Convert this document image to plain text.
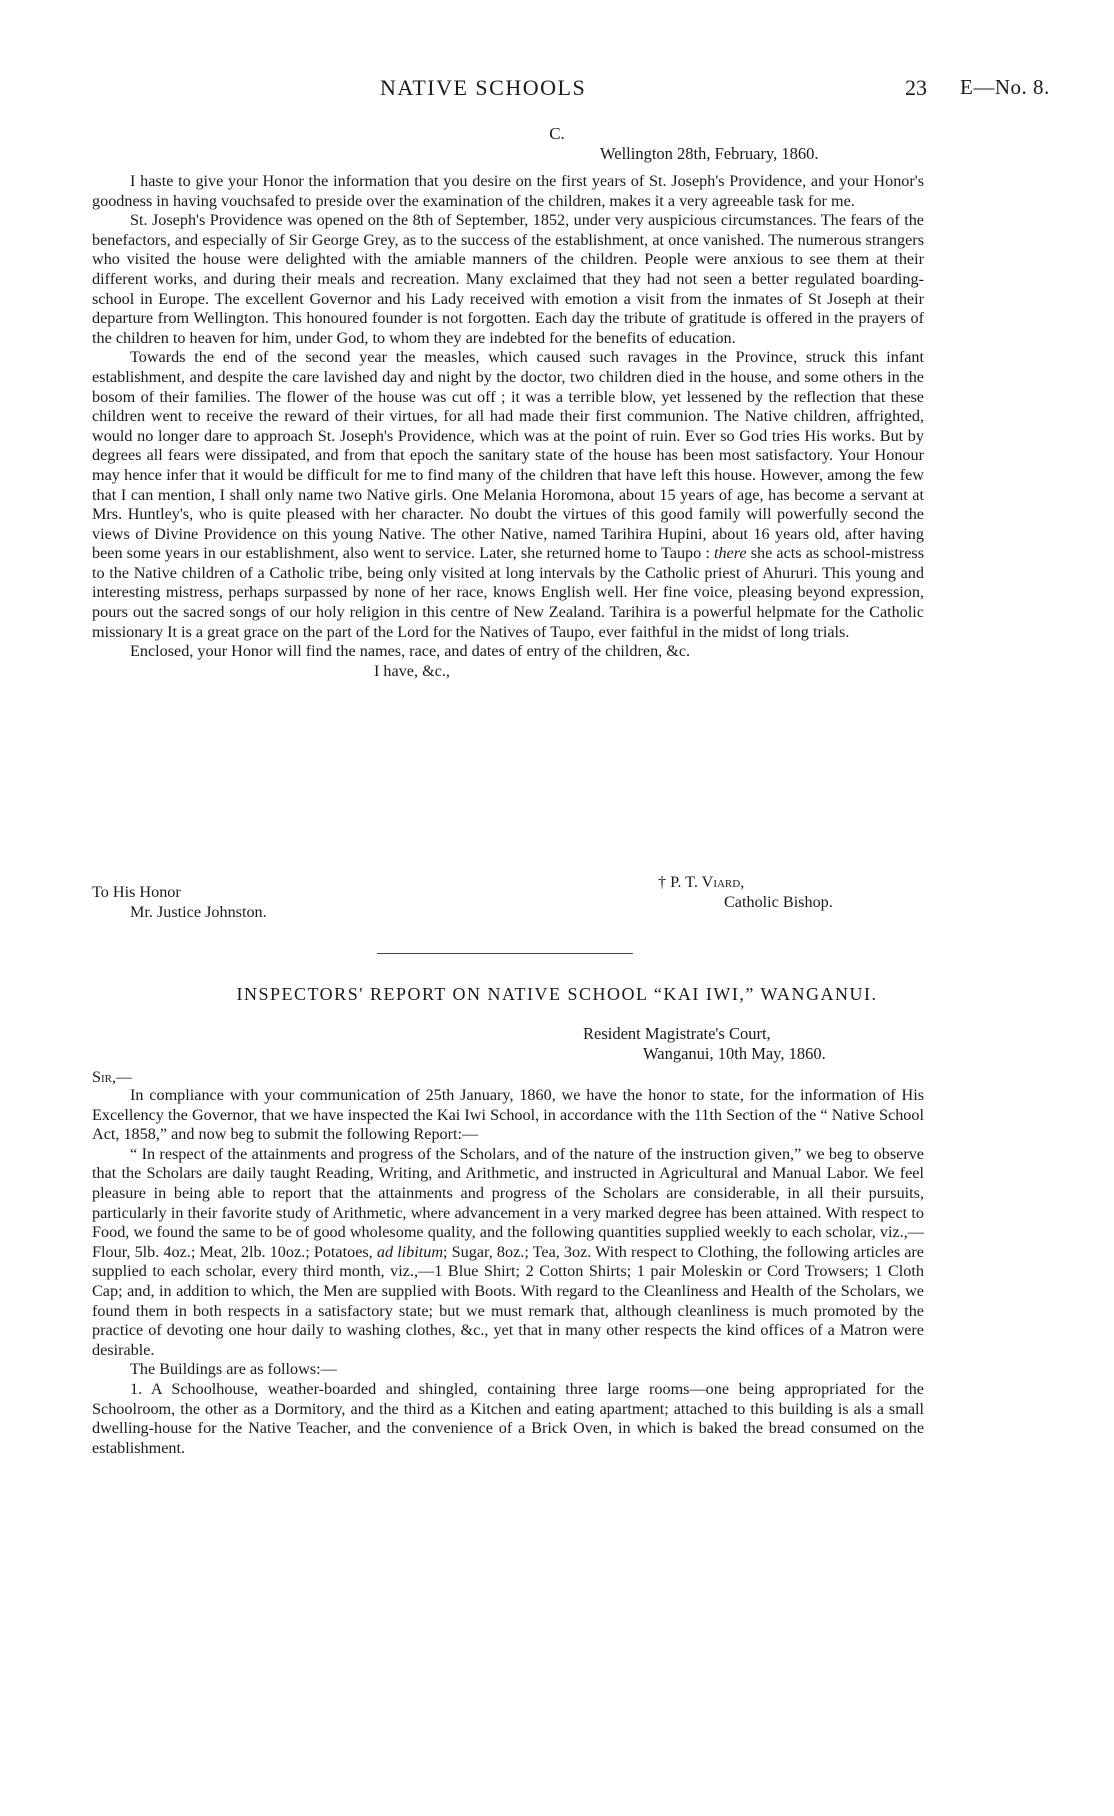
NATIVE SCHOOLS	23 E—No. 8.
C.
Wellington 28th, February, 1860.

I haste to give your Honor the information that you desire on the first years of St. Joseph's Providence, and your Honor's goodness in having vouchsafed to preside over the examination of the children, makes it a very agreeable task for me.

St. Joseph's Providence was opened on the 8th of September, 1852, under very auspicious circumstances. The fears of the benefactors, and especially of Sir George Grey, as to the success of the establishment, at once vanished. The numerous strangers who visited the house were delighted with the amiable manners of the children. People were anxious to see them at their different works, and during their meals and recreation. Many exclaimed that they had not seen a better regulated boarding-school in Europe. The excellent Governor and his Lady received with emotion a visit from the inmates of St Joseph at their departure from Wellington. This honoured founder is not forgotten. Each day the tribute of gratitude is offered in the prayers of the children to heaven for him, under God, to whom they are indebted for the benefits of education.

Towards the end of the second year the measles, which caused such ravages in the Province, struck this infant establishment, and despite the care lavished day and night by the doctor, two children died in the house, and some others in the bosom of their families. The flower of the house was cut off ; it was a terrible blow, yet lessened by the reflection that these children went to receive the reward of their virtues, for all had made their first communion. The Native children, affrighted, would no longer dare to approach St. Joseph's Providence, which was at the point of ruin. Ever so God tries His works. But by degrees all fears were dissipated, and from that epoch the sanitary state of the house has been most satisfactory. Your Honour may hence infer that it would be difficult for me to find many of the children that have left this house. However, among the few that I can mention, I shall only name two Native girls. One Melania Horomona, about 15 years of age, has become a servant at Mrs. Huntley's, who is quite pleased with her character. No doubt the virtues of this good family will powerfully second the views of Divine Providence on this young Native. The other Native, named Tarihira Hupini, about 16 years old, after having been some years in our establishment, also went to service. Later, she returned home to Taupo : there she acts as school-mistress to the Native children of a Catholic tribe, being only visited at long intervals by the Catholic priest of Ahururi. This young and interesting mistress, perhaps surpassed by none of her race, knows English well. Her fine voice, pleasing beyond expression, pours out the sacred songs of our holy religion in this centre of New Zealand. Tarihira is a powerful helpmate for the Catholic missionary It is a great grace on the part of the Lord for the Natives of Taupo, ever faithful in the midst of long trials.

Enclosed, your Honor will find the names, race, and dates of entry of the children, &c.

I have, &c.,

† P. T. Viard,
Catholic Bishop.
To His Honor
Mr. Justice Johnston.
INSPECTORS' REPORT ON NATIVE SCHOOL “KAI IWI,” WANGANUI.
Resident Magistrate's Court,
Wanganui, 10th May, 1860.
Sir,—

In compliance with your communication of 25th January, 1860, we have the honor to state, for the information of His Excellency the Governor, that we have inspected the Kai Iwi School, in accordance with the 11th Section of the “ Native School Act, 1858,” and now beg to submit the following Report:—

“ In respect of the attainments and progress of the Scholars, and of the nature of the instruction given,” we beg to observe that the Scholars are daily taught Reading, Writing, and Arithmetic, and instructed in Agricultural and Manual Labor. We feel pleasure in being able to report that the attainments and progress of the Scholars are considerable, in all their pursuits, particularly in their favorite study of Arithmetic, where advancement in a very marked degree has been attained. With respect to Food, we found the same to be of good wholesome quality, and the following quantities supplied weekly to each scholar, viz.,—Flour, 5lb. 4oz.; Meat, 2lb. 10oz.; Potatoes, ad libitum; Sugar, 8oz.; Tea, 3oz. With respect to Clothing, the following articles are supplied to each scholar, every third month, viz.,—1 Blue Shirt; 2 Cotton Shirts; 1 pair Moleskin or Cord Trowsers; 1 Cloth Cap; and, in addition to which, the Men are supplied with Boots. With regard to the Cleanliness and Health of the Scholars, we found them in both respects in a satisfactory state; but we must remark that, although cleanliness is much promoted by the practice of devoting one hour daily to washing clothes, &c., yet that in many other respects the kind offices of a Matron were desirable.

The Buildings are as follows:—

1. A Schoolhouse, weather-boarded and shingled, containing three large rooms—one being appropriated for the Schoolroom, the other as a Dormitory, and the third as a Kitchen and eating apartment; attached to this building is als a small dwelling-house for the Native Teacher, and the convenience of a Brick Oven, in which is baked the bread consumed on the establishment.
